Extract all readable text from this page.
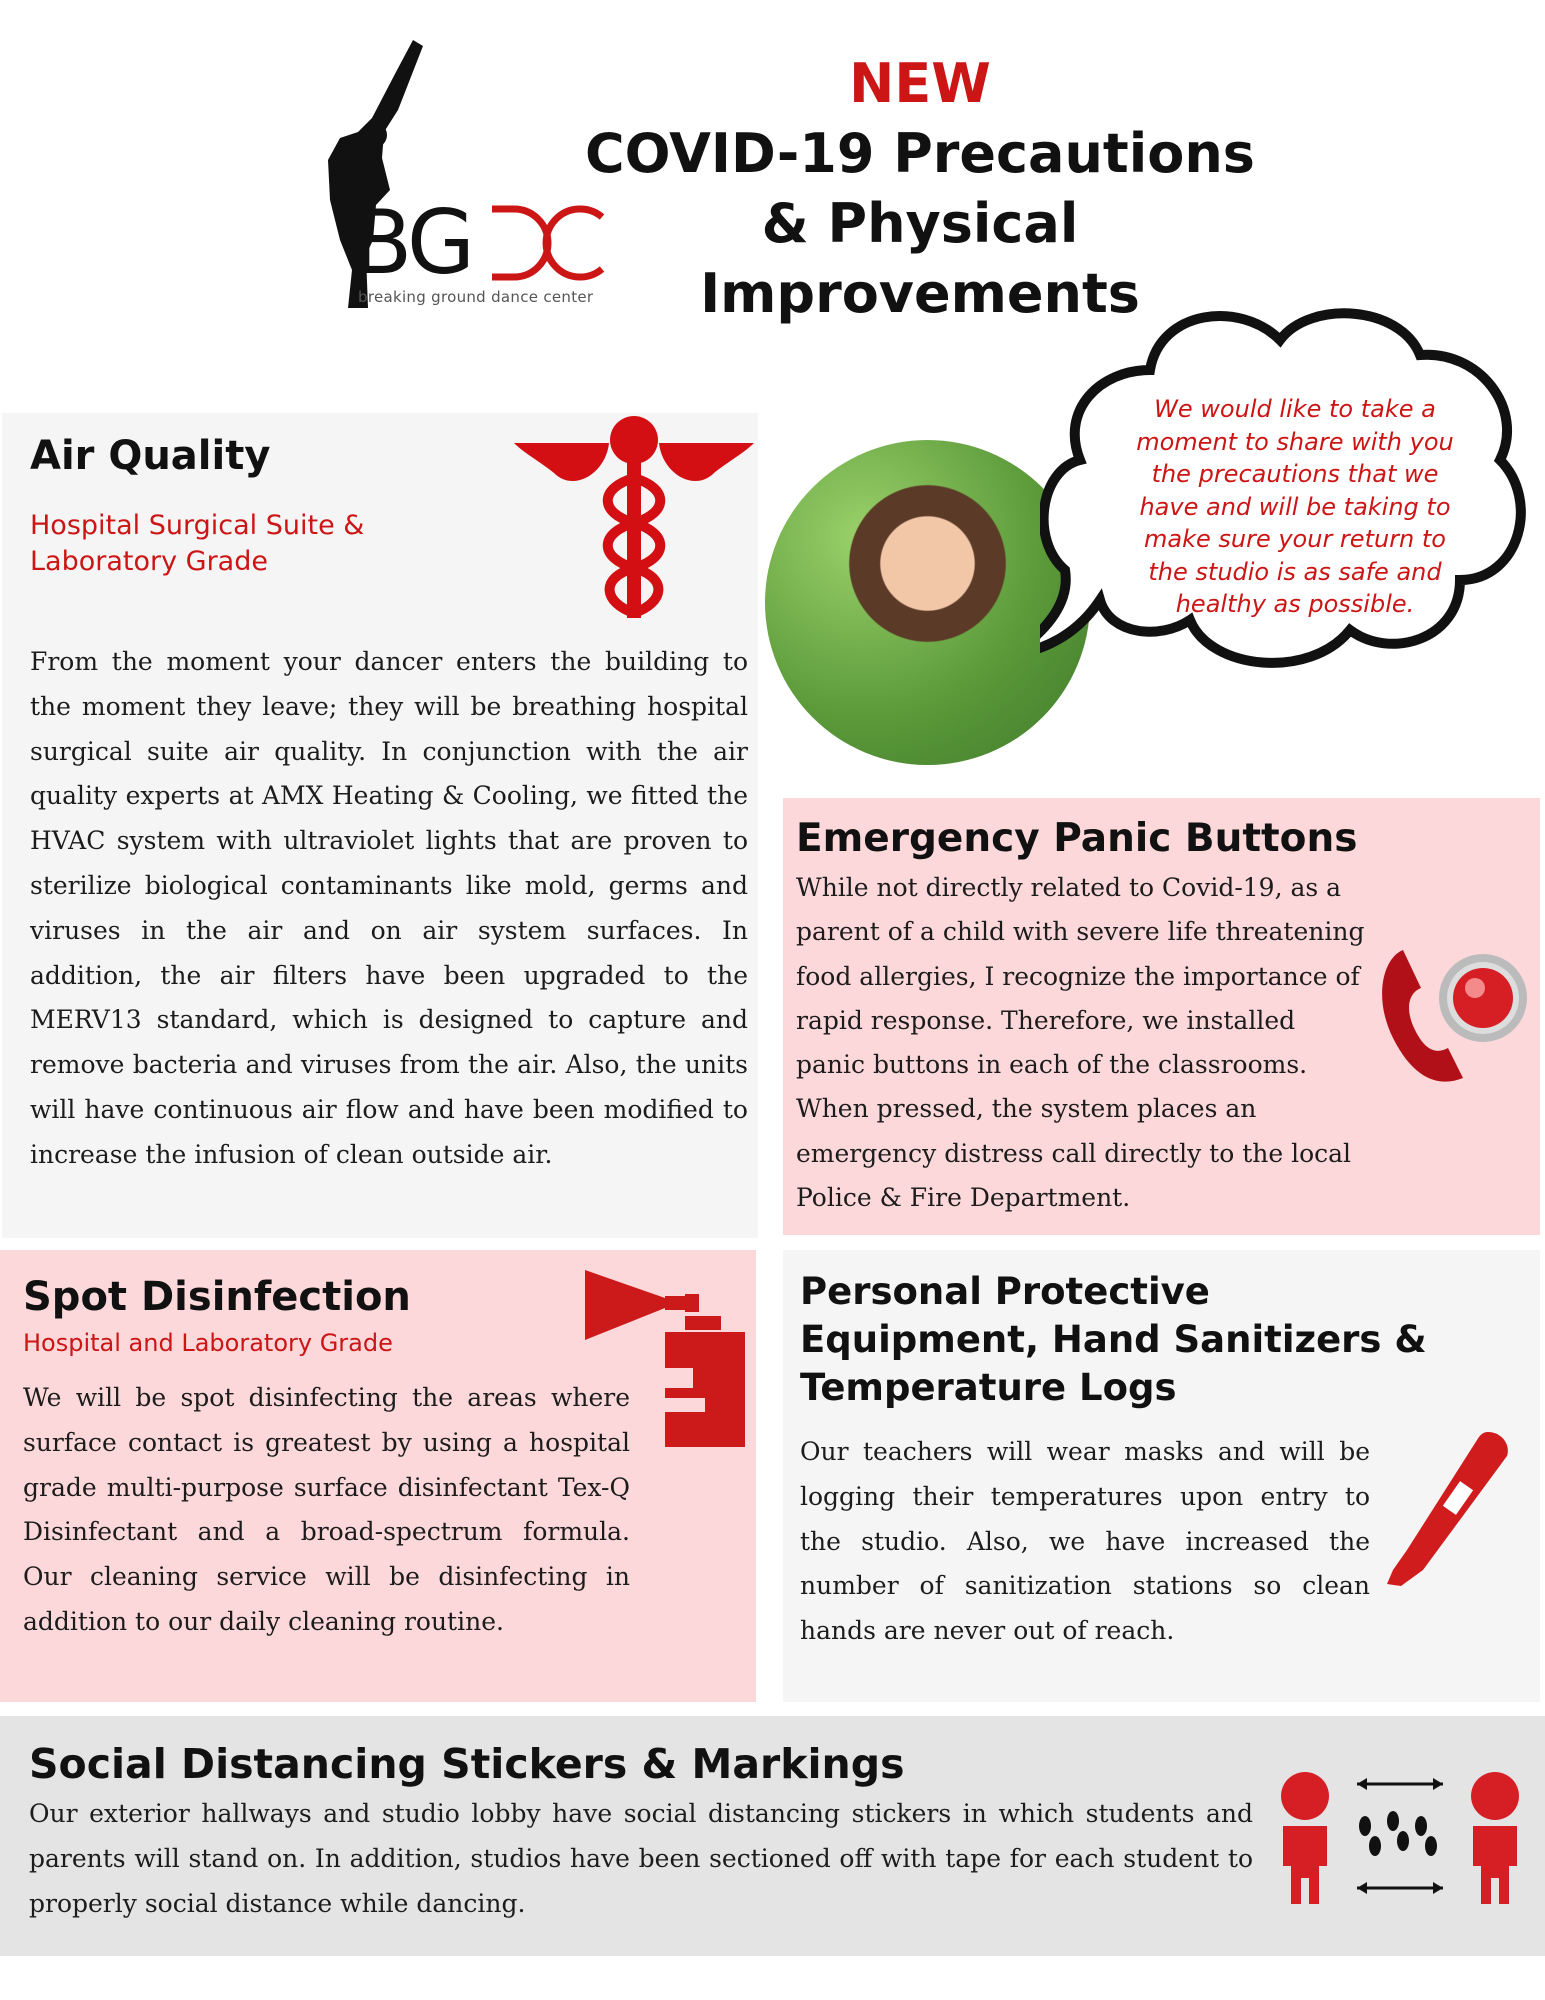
BG
breaking ground dance center
NEW
COVID-19 Precautions
& Physical
Improvements
Air Quality
Hospital Surgical Suite &
Laboratory Grade
From the moment your dancer enters the building to the moment they leave; they will be breathing hospital surgical suite air quality. In conjunction with the air quality experts at AMX Heating & Cooling, we fitted the HVAC system with ultraviolet lights that are proven to sterilize biological contaminants like mold, germs and viruses in the air and on air system surfaces. In addition, the air filters have been upgraded to the MERV13 standard, which is designed to capture and remove bacteria and viruses from the air. Also, the units will have continuous air flow and have been modified to increase the infusion of clean outside air.
We would like to take a moment to share with you the precautions that we have and will be taking to make sure your return to the studio is as safe and healthy as possible.
Emergency Panic Buttons
While not directly related to Covid-19, as a parent of a child with severe life threatening food allergies, I recognize the importance of rapid response. Therefore, we installed panic buttons in each of the classrooms. When pressed, the system places an emergency distress call directly to the local Police & Fire Department.
Spot Disinfection
Hospital and Laboratory Grade
We will be spot disinfecting the areas where surface contact is greatest by using a hospital grade multi-purpose surface disinfectant Tex-Q Disinfectant and a broad-spectrum formula. Our cleaning service will be disinfecting in addition to our daily cleaning routine.
Personal Protective
Equipment, Hand Sanitizers &
Temperature Logs
Our teachers will wear masks and will be logging their temperatures upon entry to the studio. Also, we have increased the number of sanitization stations so clean hands are never out of reach.
Social Distancing Stickers & Markings
Our exterior hallways and studio lobby have social distancing stickers in which students and parents will stand on. In addition, studios have been sectioned off with tape for each student to properly social distance while dancing.
